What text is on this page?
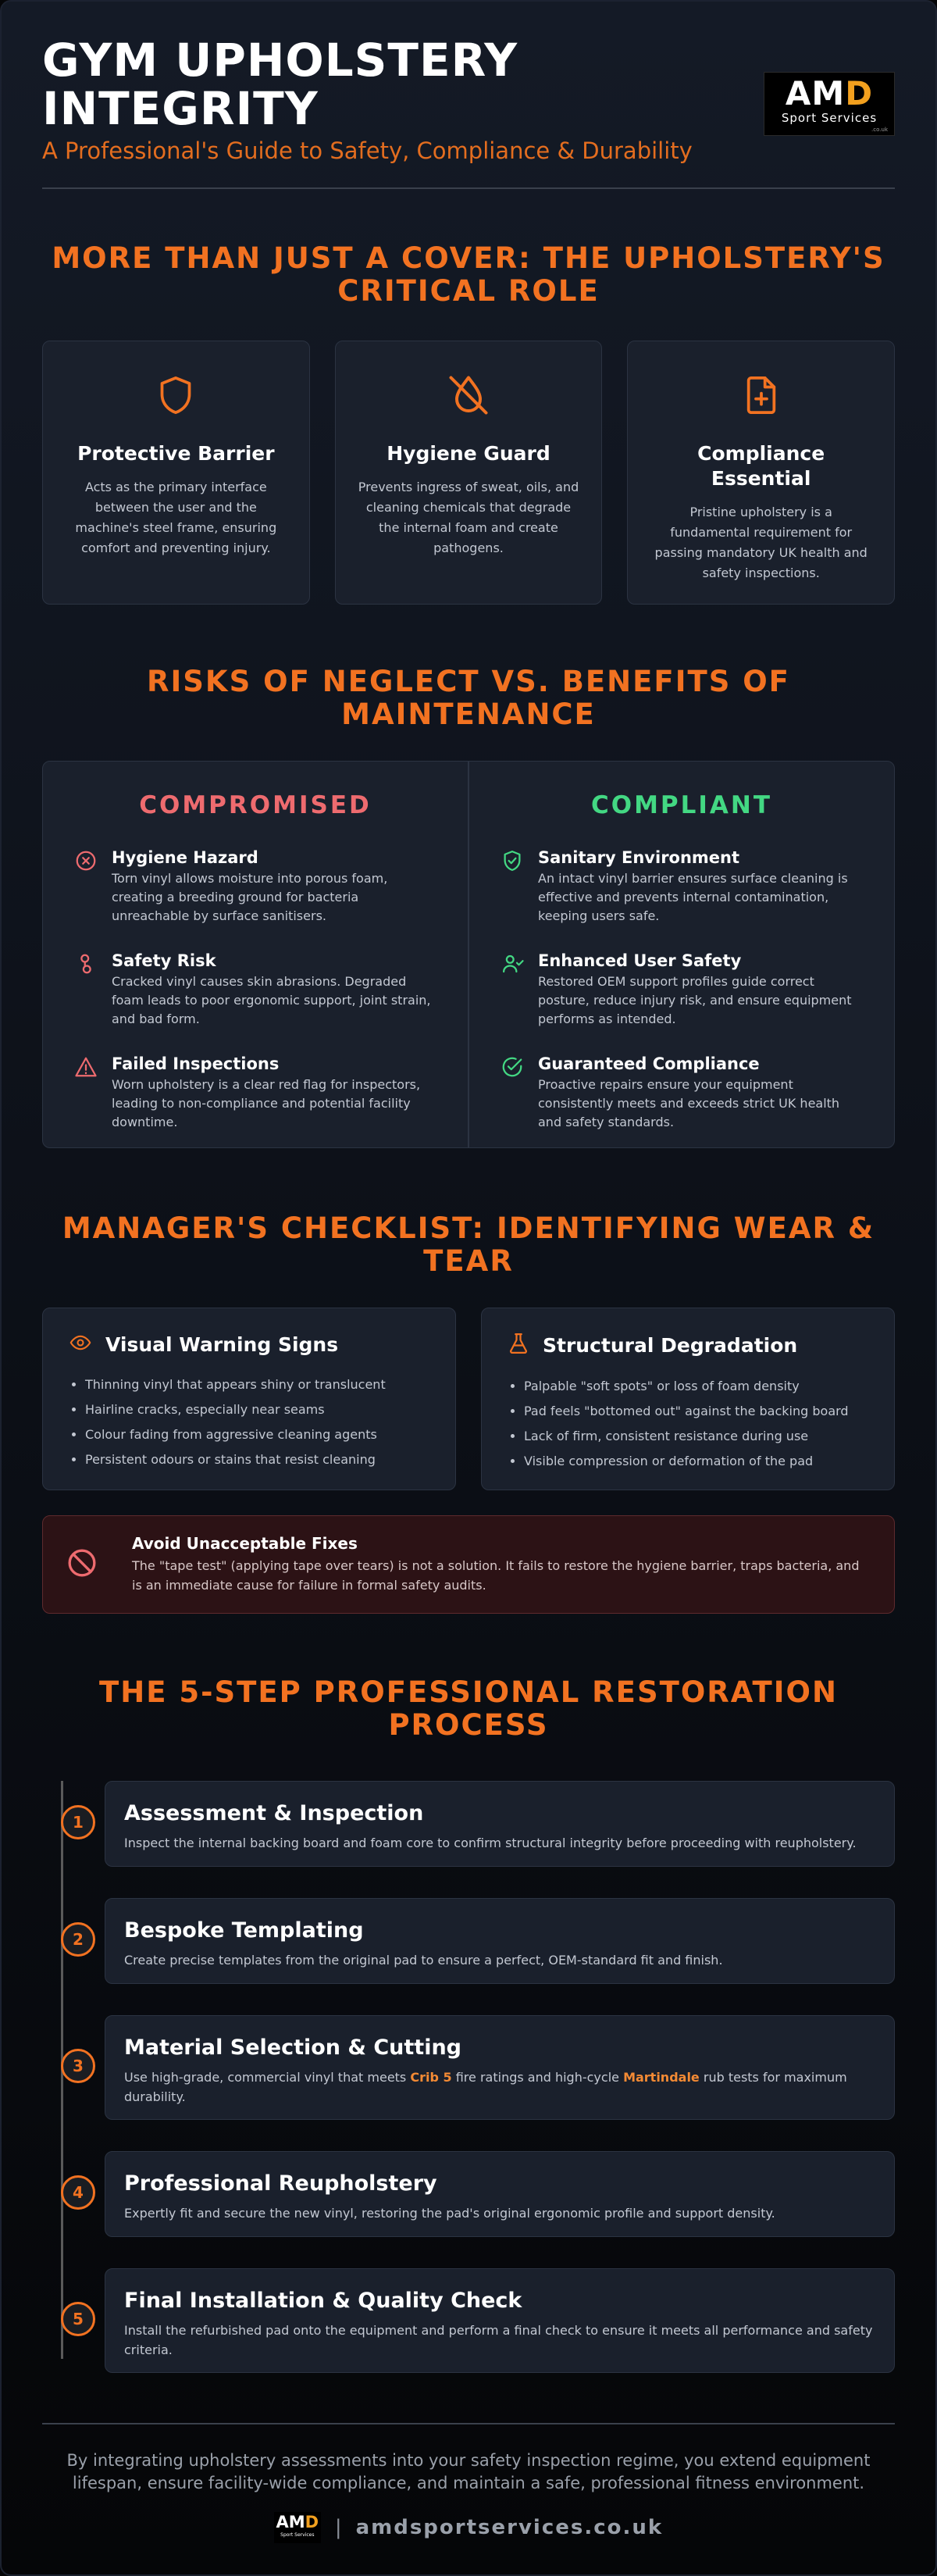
GYM UPHOLSTERY
INTEGRITY
A Professional's Guide to Safety, Compliance & Durability
AMD
Sport Services
.co.uk
MORE THAN JUST A COVER: THE UPHOLSTERY'S CRITICAL ROLE
Protective Barrier

Acts as the primary interface between the user and the machine's steel frame, ensuring comfort and preventing injury.

Hygiene Guard

Prevents ingress of sweat, oils, and cleaning chemicals that degrade the internal foam and create pathogens.

Compliance Essential

Pristine upholstery is a fundamental requirement for passing mandatory UK health and safety inspections.

RISKS OF NEGLECT VS. BENEFITS OF MAINTENANCE
COMPROMISED
Hygiene Hazard

Torn vinyl allows moisture into porous foam, creating a breeding ground for bacteria unreachable by surface sanitisers.

Safety Risk

Cracked vinyl causes skin abrasions. Degraded foam leads to poor ergonomic support, joint strain, and bad form.

Failed Inspections

Worn upholstery is a clear red flag for inspectors, leading to non-compliance and potential facility downtime.

COMPLIANT
Sanitary Environment

An intact vinyl barrier ensures surface cleaning is effective and prevents internal contamination, keeping users safe.

Enhanced User Safety

Restored OEM support profiles guide correct posture, reduce injury risk, and ensure equipment performs as intended.

Guaranteed Compliance

Proactive repairs ensure your equipment consistently meets and exceeds strict UK health and safety standards.

MANAGER'S CHECKLIST: IDENTIFYING WEAR & TEAR
Visual Warning Signs
• Thinning vinyl that appears shiny or translucent
• Hairline cracks, especially near seams
• Colour fading from aggressive cleaning agents
• Persistent odours or stains that resist cleaning
Structural Degradation
• Palpable "soft spots" or loss of foam density
• Pad feels "bottomed out" against the backing board
• Lack of firm, consistent resistance during use
• Visible compression or deformation of the pad
Avoid Unacceptable Fixes

The "tape test" (applying tape over tears) is not a solution. It fails to restore the hygiene barrier, traps bacteria, and is an immediate cause for failure in formal safety audits.

THE 5-STEP PROFESSIONAL RESTORATION PROCESS
1	Assessment & Inspection

Inspect the internal backing board and foam core to confirm structural integrity before proceeding with reupholstery.

2	Bespoke Templating

Create precise templates from the original pad to ensure a perfect, OEM-standard fit and finish.

3
Material Selection & Cutting

Use high-grade, commercial vinyl that meets Crib 5 fire ratings and high-cycle Martindale rub tests for maximum durability.

4	Professional Reupholstery

Expertly fit and secure the new vinyl, restoring the pad's original ergonomic profile and support density.

5
Final Installation & Quality Check

Install the refurbished pad onto the equipment and perform a final check to ensure it meets all performance and safety criteria.

By integrating upholstery assessments into your safety inspection regime, you extend equipment lifespan, ensure facility-wide compliance, and maintain a safe, professional fitness environment.
AMD
Sport Services	| amdsportservices.co.uk
